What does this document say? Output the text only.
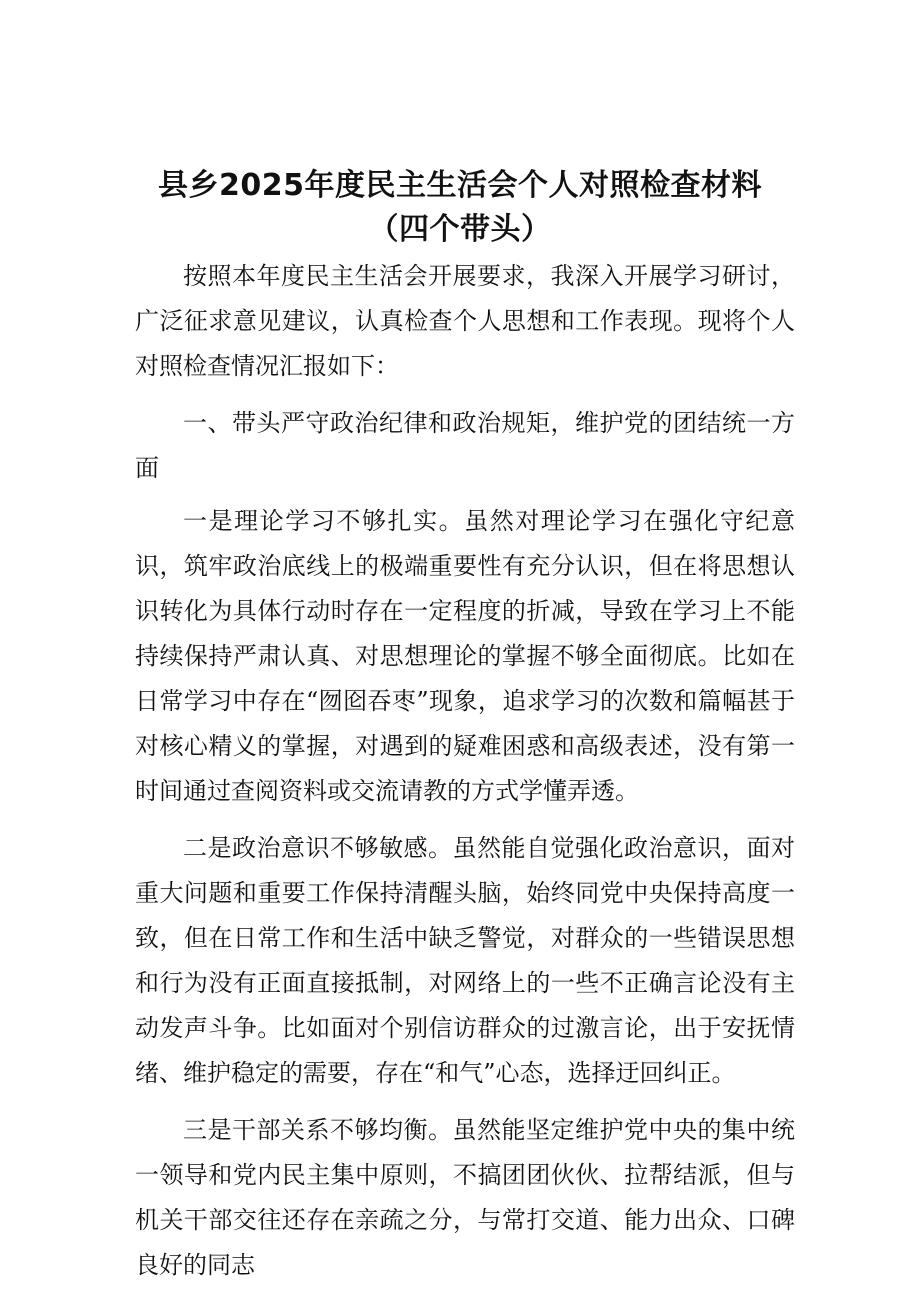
县乡2025年度民主生活会个人对照检查材料
（四个带头）

按照本年度民主生活会开展要求，我深入开展学习研讨，广泛征求意见建议，认真检查个人思想和工作表现。现将个人对照检查情况汇报如下：

一、带头严守政治纪律和政治规矩，维护党的团结统一方面

一是理论学习不够扎实。虽然对理论学习在强化守纪意识，筑牢政治底线上的极端重要性有充分认识，但在将思想认识转化为具体行动时存在一定程度的折减，导致在学习上不能持续保持严肃认真、对思想理论的掌握不够全面彻底。比如在日常学习中存在“囫囵吞枣”现象，追求学习的次数和篇幅甚于对核心精义的掌握，对遇到的疑难困惑和高级表述，没有第一时间通过查阅资料或交流请教的方式学懂弄透。

二是政治意识不够敏感。虽然能自觉强化政治意识，面对重大问题和重要工作保持清醒头脑，始终同党中央保持高度一致，但在日常工作和生活中缺乏警觉，对群众的一些错误思想和行为没有正面直接抵制，对网络上的一些不正确言论没有主动发声斗争。比如面对个别信访群众的过激言论，出于安抚情绪、维护稳定的需要，存在“和气”心态，选择迂回纠正。

三是干部关系不够均衡。虽然能坚定维护党中央的集中统一领导和党内民主集中原则，不搞团团伙伙、拉帮结派，但与机关干部交往还存在亲疏之分，与常打交道、能力出众、口碑良好的同志
